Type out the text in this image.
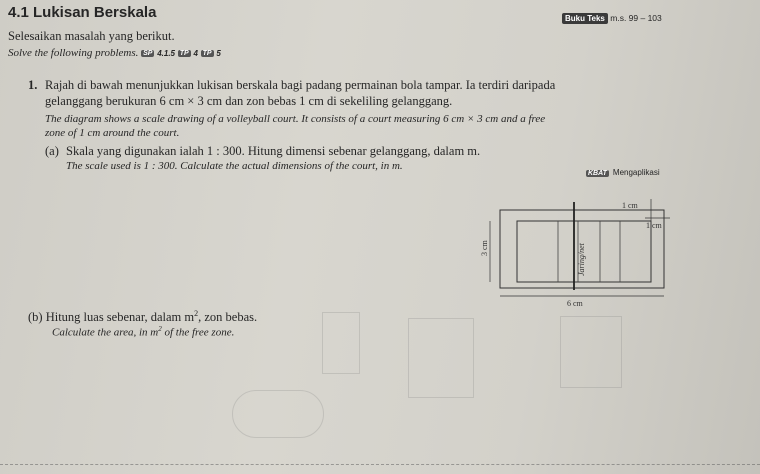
4.1 Lukisan Berskala	Buku Teks m.s. 99 – 103
Selesaikan masalah yang berikut.
Solve the following problems. SP 4.1.5 TP 4 TP 5
1. Rajah di bawah menunjukkan lukisan berskala bagi padang permainan bola tampar. Ia terdiri daripada
gelanggang berukuran 6 cm × 3 cm dan zon bebas 1 cm di sekeliling gelanggang.
The diagram shows a scale drawing of a volleyball court. It consists of a court measuring 6 cm × 3 cm and a free
zone of 1 cm around the court.
(a) Skala yang digunakan ialah 1 : 300. Hitung dimensi sebenar gelanggang, dalam m.
The scale used is 1 : 300. Calculate the actual dimensions of the court, in m.
KBAT Mengaplikasi
1 cm
1 cm
3 cm	Jaring/net
6 cm
(b) Hitung luas sebenar, dalam $m^2$, zon bebas.
Calculate the area, in $m^2$ of the free zone.
